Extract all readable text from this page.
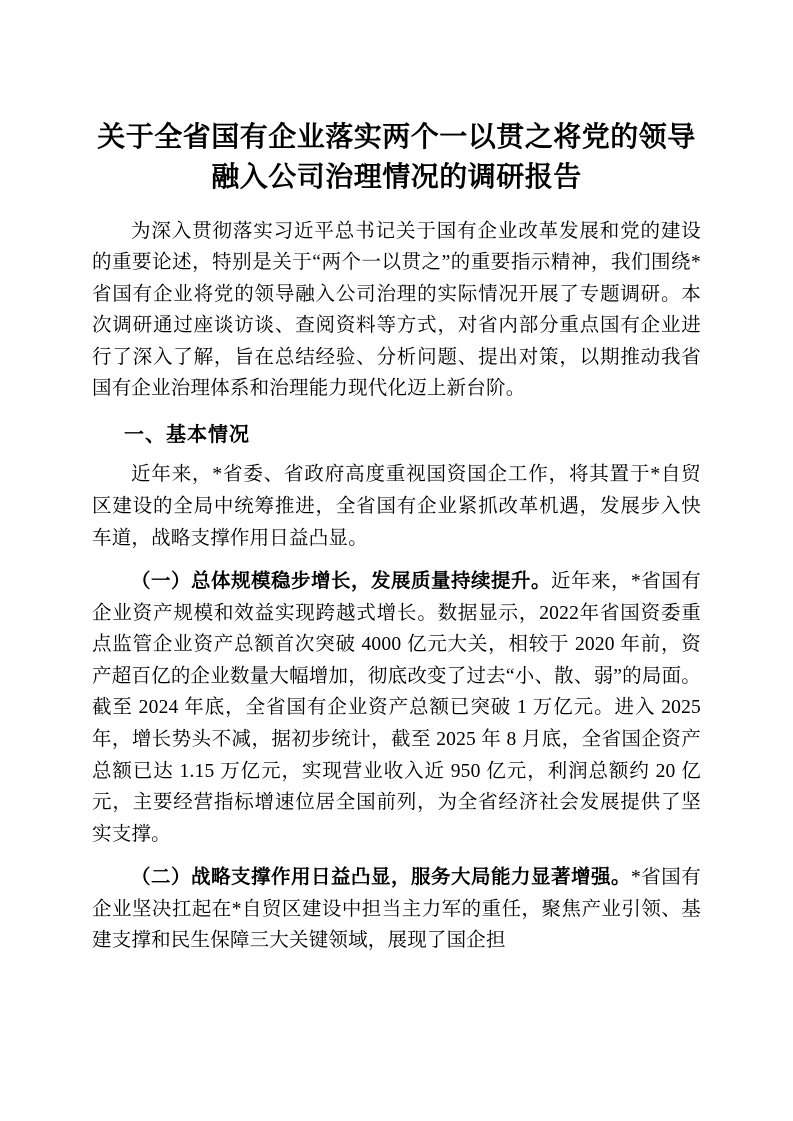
关于全省国有企业落实两个一以贯之将党的领导融入公司治理情况的调研报告

为深入贯彻落实习近平总书记关于国有企业改革发展和党的建设的重要论述，特别是关于“两个一以贯之”的重要指示精神，我们围绕*省国有企业将党的领导融入公司治理的实际情况开展了专题调研。本次调研通过座谈访谈、查阅资料等方式，对省内部分重点国有企业进行了深入了解，旨在总结经验、分析问题、提出对策，以期推动我省国有企业治理体系和治理能力现代化迈上新台阶。

一、基本情况

近年来，*省委、省政府高度重视国资国企工作，将其置于*自贸区建设的全局中统筹推进，全省国有企业紧抓改革机遇，发展步入快车道，战略支撑作用日益凸显。

（一）总体规模稳步增长，发展质量持续提升。近年来，*省国有企业资产规模和效益实现跨越式增长。数据显示，2022年省国资委重点监管企业资产总额首次突破 4000 亿元大关，相较于 2020 年前，资产超百亿的企业数量大幅增加，彻底改变了过去“小、散、弱”的局面。截至 2024 年底，全省国有企业资产总额已突破 1 万亿元。进入 2025 年，增长势头不减，据初步统计，截至 2025 年 8 月底，全省国企资产总额已达 1.15 万亿元，实现营业收入近 950 亿元，利润总额约 20 亿元，主要经营指标增速位居全国前列，为全省经济社会发展提供了坚实支撑。

（二）战略支撑作用日益凸显，服务大局能力显著增强。*省国有企业坚决扛起在*自贸区建设中担当主力军的重任，聚焦产业引领、基建支撑和民生保障三大关键领域，展现了国企担
